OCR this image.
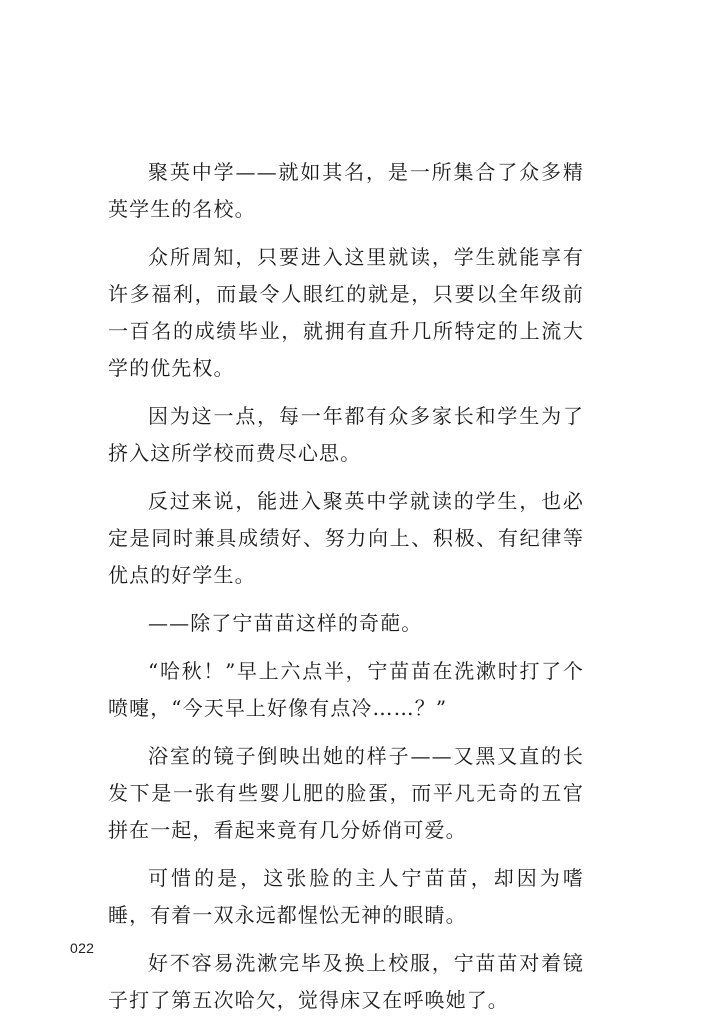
聚英中学——就如其名，是一所集合了众多精英学生的名校。

众所周知，只要进入这里就读，学生就能享有许多福利，而最令人眼红的就是，只要以全年级前一百名的成绩毕业，就拥有直升几所特定的上流大学的优先权。

因为这一点，每一年都有众多家长和学生为了挤入这所学校而费尽心思。

反过来说，能进入聚英中学就读的学生，也必定是同时兼具成绩好、努力向上、积极、有纪律等优点的好学生。

——除了宁苗苗这样的奇葩。

“哈秋！”早上六点半，宁苗苗在洗漱时打了个喷嚏，“今天早上好像有点冷……？”

浴室的镜子倒映出她的样子——又黑又直的长发下是一张有些婴儿肥的脸蛋，而平凡无奇的五官拼在一起，看起来竟有几分娇俏可爱。

可惜的是，这张脸的主人宁苗苗，却因为嗜睡，有着一双永远都惺忪无神的眼睛。

好不容易洗漱完毕及换上校服，宁苗苗对着镜子打了第五次哈欠，觉得床又在呼唤她了。

022
